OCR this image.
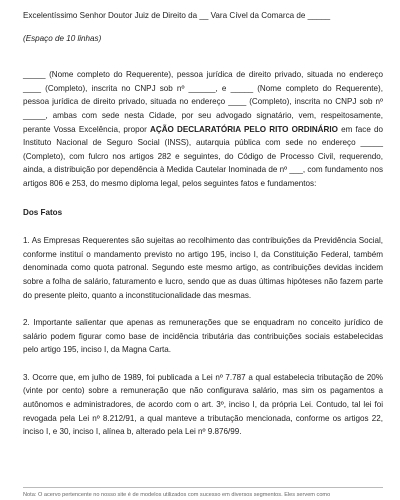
Excelentíssimo Senhor Doutor Juiz de Direito da __ Vara Cível da Comarca de _____

(Espaço de 10 linhas)

_____ (Nome completo do Requerente), pessoa jurídica de direito privado, situada no endereço ____ (Completo), inscrita no CNPJ sob nº ______, e _____ (Nome completo do Requerente), pessoa jurídica de direito privado, situada no endereço ____ (Completo), inscrita no CNPJ sob nº _____, ambas com sede nesta Cidade, por seu advogado signatário, vem, respeitosamente, perante Vossa Excelência, propor AÇÃO DECLARATÓRIA PELO RITO ORDINÁRIO em face do Instituto Nacional de Seguro Social (INSS), autarquia pública com sede no endereço _____ (Completo), com fulcro nos artigos 282 e seguintes, do Código de Processo Civil, requerendo, ainda, a distribuição por dependência à Medida Cautelar Inominada de nº ___, com fundamento nos artigos 806 e 253, do mesmo diploma legal, pelos seguintes fatos e fundamentos:

Dos Fatos

1. As Empresas Requerentes são sujeitas ao recolhimento das contribuições da Previdência Social, conforme instituí o mandamento previsto no artigo 195, inciso I, da Constituição Federal, também denominada como quota patronal. Segundo este mesmo artigo, as contribuições devidas incidem sobre a folha de salário, faturamento e lucro, sendo que as duas últimas hipóteses não fazem parte do presente pleito, quanto a inconstitucionalidade das mesmas.

2. Importante salientar que apenas as remunerações que se enquadram no conceito jurídico de salário podem figurar como base de incidência tributária das contribuições sociais estabelecidas pelo artigo 195, inciso I, da Magna Carta.

3. Ocorre que, em julho de 1989, foi publicada a Lei nº 7.787 a qual estabelecia tributação de 20% (vinte por cento) sobre a remuneração que não configurava salário, mas sim os pagamentos a autônomos e administradores, de acordo com o art. 3º, inciso I, da própria Lei. Contudo, tal lei foi revogada pela Lei nº 8.212/91, a qual manteve a tributação mencionada, conforme os artigos 22, inciso I, e 30, inciso I, alínea b, alterado pela Lei nº 9.876/99.

Nota: O acervo pertencente no nosso site é de modelos utilizados com sucesso em diversos segmentos. Eles servem como
